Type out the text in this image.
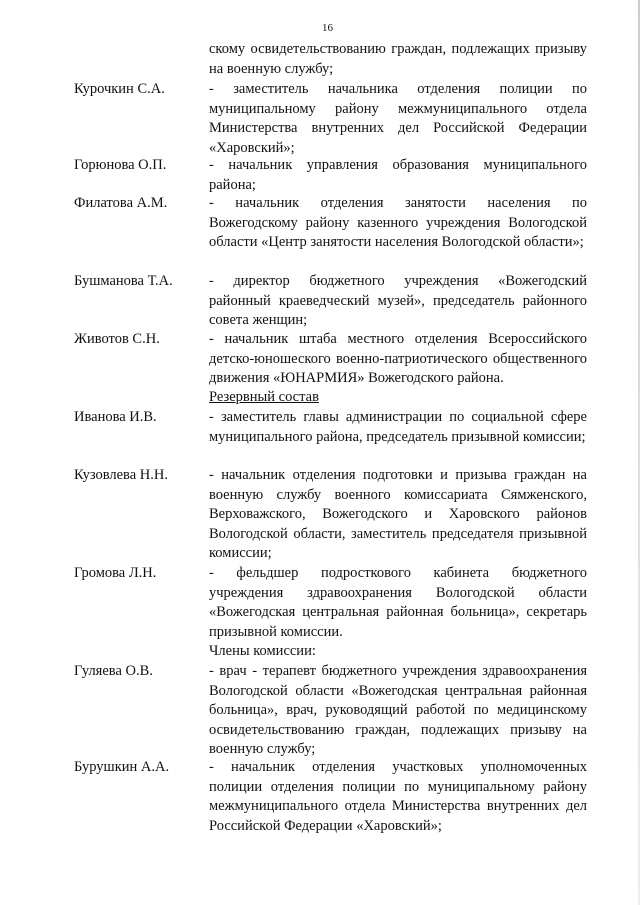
16
скому освидетельствованию граждан, подлежащих призыву на военную службу;
Курочкин С.А.	- заместитель начальника отделения полиции по муниципальному району межмуниципального отдела Министерства внутренних дел Российской Федерации «Харовский»;
Горюнова О.П.	- начальник управления образования муниципального района;
Филатова А.М.	- начальник отделения занятости населения по Вожегодскому району казенного учреждения Вологодской области «Центр занятости населения Вологодской области»;
Бушманова Т.А.	- директор бюджетного учреждения «Вожегодский районный краеведческий музей», председатель районного совета женщин;
Животов С.Н.	- начальник штаба местного отделения Всероссийского детско-юношеского военно-патриотического общественного движения «ЮНАРМИЯ» Вожегодского района.
Резервный состав
Иванова И.В.	- заместитель главы администрации по социальной сфере муниципального района, председатель призывной комиссии;
Кузовлева Н.Н.	- начальник отделения подготовки и призыва граждан на военную службу военного комиссариата Сямженского, Верховажского, Вожегодского и Харовского районов Вологодской области, заместитель председателя призывной комиссии;
Громова Л.Н.	- фельдшер подросткового кабинета бюджетного учреждения здравоохранения Вологодской области «Вожегодская центральная районная больница», секретарь призывной комиссии.
Члены комиссии:
Гуляева О.В.	- врач - терапевт бюджетного учреждения здравоохранения Вологодской области «Вожегодская центральная районная больница», врач, руководящий работой по медицинскому освидетельствованию граждан, подлежащих призыву на военную службу;
Бурушкин А.А.	- начальник отделения участковых уполномоченных полиции отделения полиции по муниципальному району межмуниципального отдела Министерства внутренних дел Российской Федерации «Харовский»;
